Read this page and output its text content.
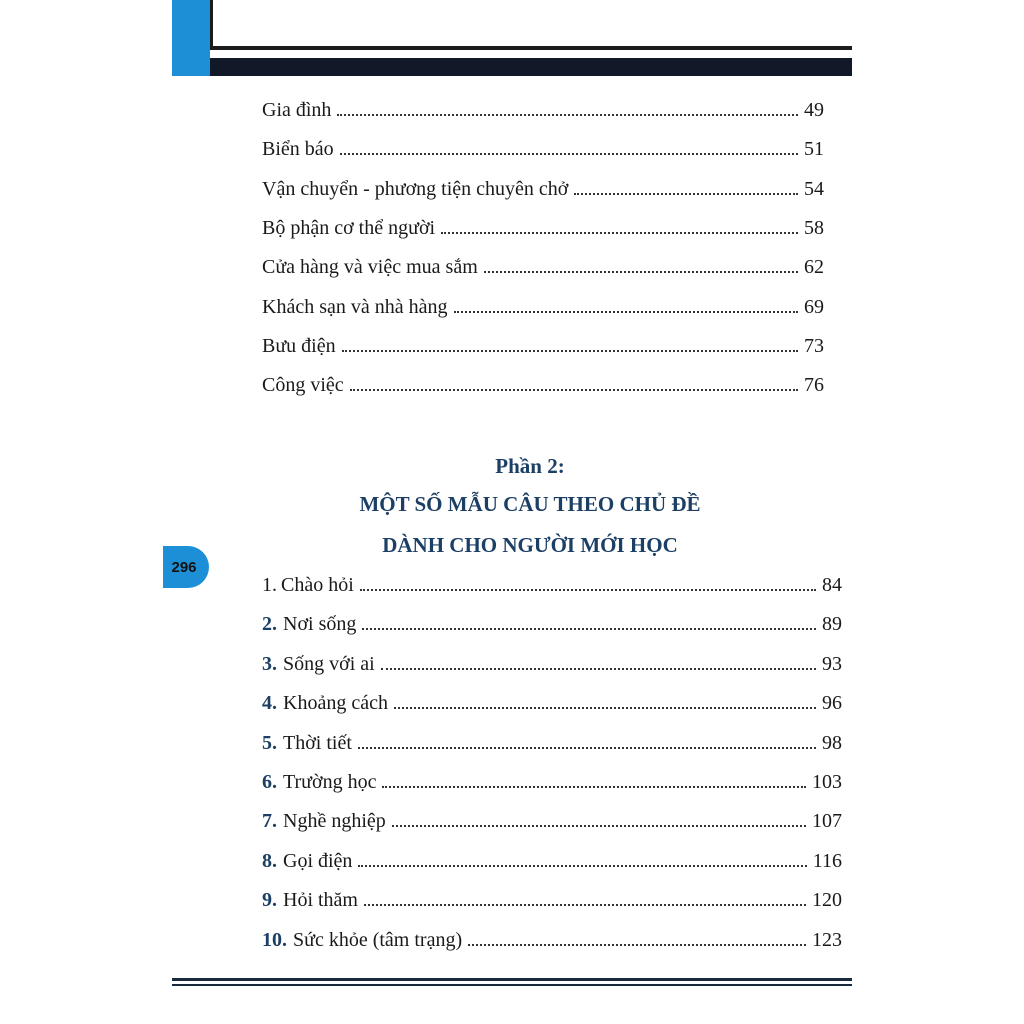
Gia đình	49
Biển báo	51
Vận chuyển - phương tiện chuyên chở	54
Bộ phận cơ thể người	58
Cửa hàng và việc mua sắm	62
Khách sạn và nhà hàng	69
Bưu điện	73
Công việc	76
Phần 2:
MỘT SỐ MẪU CÂU THEO CHỦ ĐỀ
DÀNH CHO NGƯỜI MỚI HỌC
296
1. Chào hỏi	84
2. Nơi sống	89
3. Sống với ai	93
4. Khoảng cách	96
5. Thời tiết	98
6. Trường học	103
7. Nghề nghiệp	107
8. Gọi điện	116
9. Hỏi thăm	120
10. Sức khỏe (tâm trạng)	123
